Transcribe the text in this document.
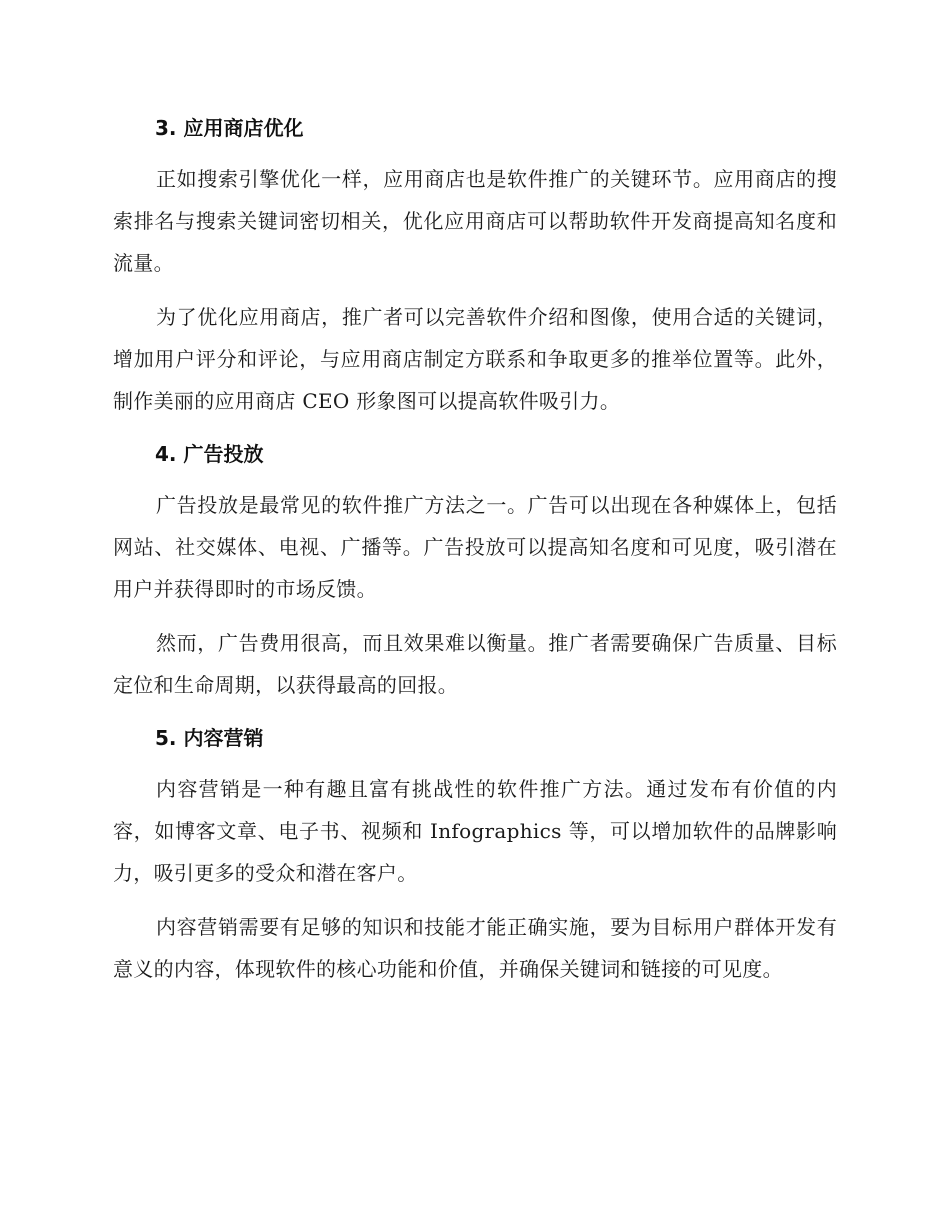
3. 应用商店优化

正如搜索引擎优化一样，应用商店也是软件推广的关键环节。应用商店的搜索排名与搜索关键词密切相关，优化应用商店可以帮助软件开发商提高知名度和流量。

为了优化应用商店，推广者可以完善软件介绍和图像，使用合适的关键词，增加用户评分和评论，与应用商店制定方联系和争取更多的推举位置等。此外，制作美丽的应用商店 CEO 形象图可以提高软件吸引力。

4. 广告投放

广告投放是最常见的软件推广方法之一。广告可以出现在各种媒体上，包括网站、社交媒体、电视、广播等。广告投放可以提高知名度和可见度，吸引潜在用户并获得即时的市场反馈。

然而，广告费用很高，而且效果难以衡量。推广者需要确保广告质量、目标定位和生命周期，以获得最高的回报。

5. 内容营销

内容营销是一种有趣且富有挑战性的软件推广方法。通过发布有价值的内容，如博客文章、电子书、视频和 Infographics 等，可以增加软件的品牌影响力，吸引更多的受众和潜在客户。

内容营销需要有足够的知识和技能才能正确实施，要为目标用户群体开发有意义的内容，体现软件的核心功能和价值，并确保关键词和链接的可见度。
